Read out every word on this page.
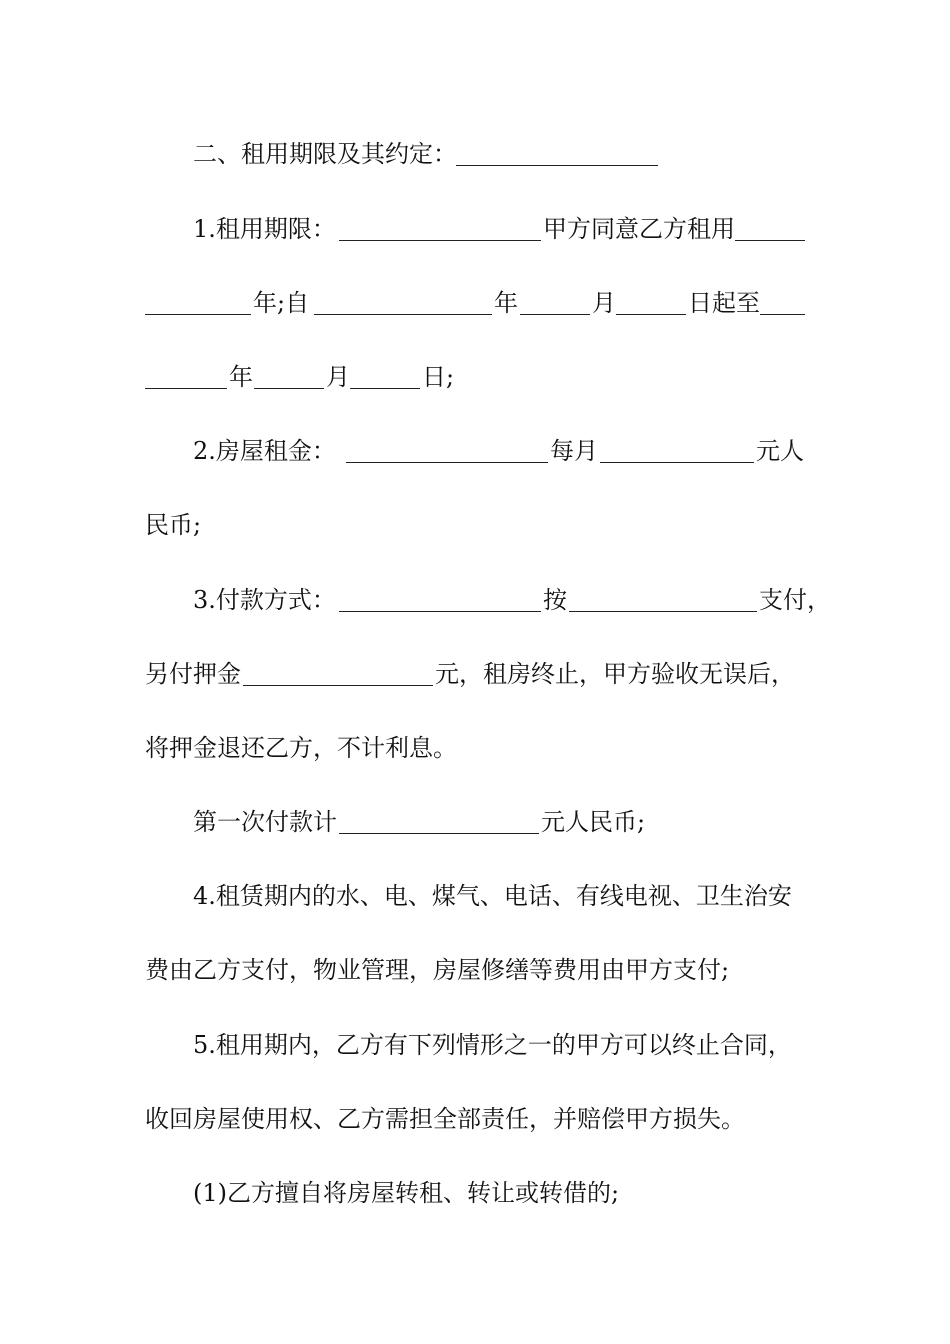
二、租用期限及其约定：

1.租用期限：

	甲方同意乙方租用

年;自

	年

	月

	日起至

年

	月

	日;

2.房屋租金：

	每月

	元人

民币;

3.付款方式：

	按

	支付，

另付押金

	元，租房终止，甲方验收无误后，

将押金退还乙方，不计利息。

第一次付款计

	元人民币;

4.租赁期内的水、电、煤气、电话、有线电视、卫生治安

费由乙方支付，物业管理，房屋修缮等费用由甲方支付;

5.租用期内，乙方有下列情形之一的甲方可以终止合同，

收回房屋使用权、乙方需担全部责任，并赔偿甲方损失。

(1)乙方擅自将房屋转租、转让或转借的;
